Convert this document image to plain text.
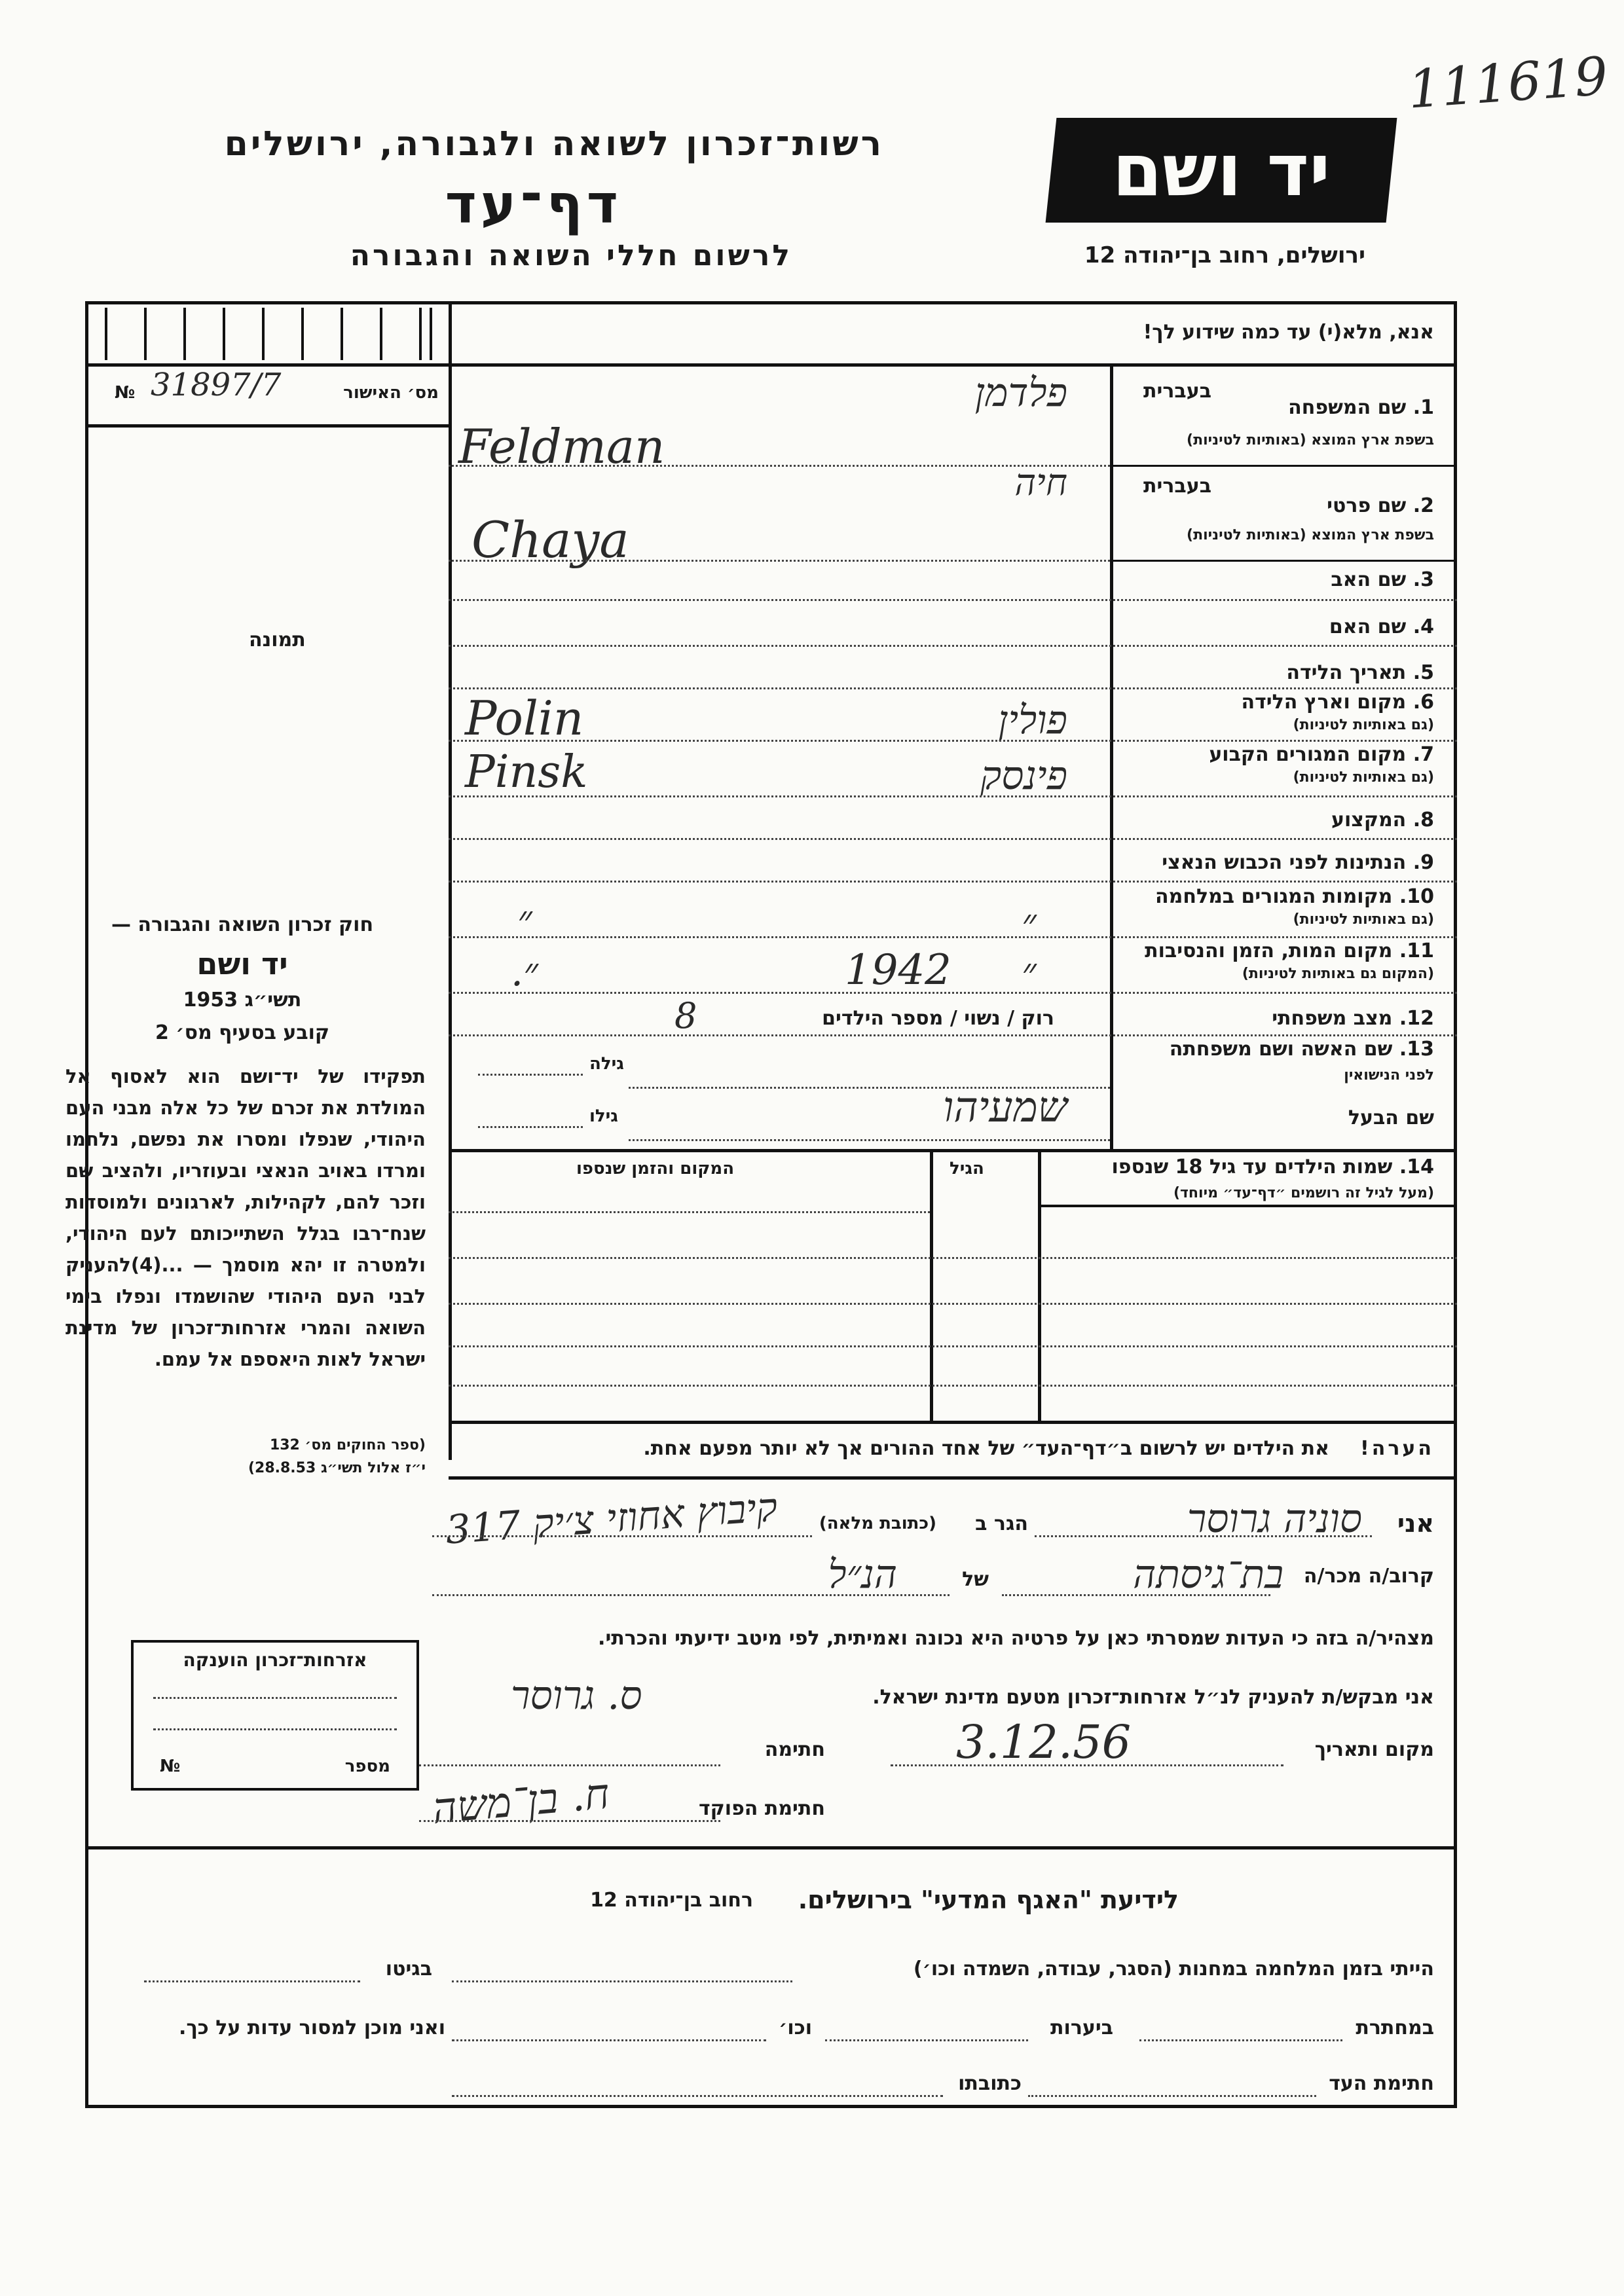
111619
רשות־זכרון לשואה ולגבורה, ירושלים
דף־עד
לרשום חללי השואה והגבורה
יד ושם
ירושלים, רחוב בן־יהודה 12
אנא, מלא(י) עד כמה שידוע לך!
מס׳ האישור
31897/7
№
תמונה
1. שם המשפחה
בשפת ארץ המוצא (באותיות לטיניות)
בעברית
פלדמן
Feldman
2. שם פרטי
בשפת ארץ המוצא (באותיות לטיניות)
בעברית
חיה
Chaya
3. שם האב
4. שם האם
5. תאריך הלידה
6. מקום וארץ הלידה
(גם באותיות לטיניות)
פולין
Polin
7. מקום המגורים הקבוע
(גם באותיות לטיניות)
פינסק
Pinsk
8. המקצוע
9. הנתינות לפני הכבוש הנאצי
10. מקומות המגורים במלחמה
(גם באותיות לטיניות)
״	״
11. מקום המות, הזמן והנסיבות
(המקום גם באותיות לטיניות)
״
1942
״.
12. מצב משפחתי
רוק / נשוי / מספר הילדים
8
13. שם האשה ושם משפחתה
לפני הנישואין
גילה
שם הבעל
שמעיהו
גילו
14. שמות הילדים עד גיל 18 שנספו
(מעל לגיל זה רושמים ״דף־עד״ מיוחד)
הגיל
המקום והזמן שנספו
הערה!
את הילדים יש לרשום ב״דף־העד״ של אחד ההורים אך לא יותר מפעם אחת.
חוק זכרון השואה והגבורה —
יד ושם
תשי״ג 1953
קובע בסעיף מס׳ 2
תפקידו של יד־ושם הוא לאסוף אל המולדת את זכרם של כל אלה מבני העם היהודי, שנפלו ומסרו את נפשם, נלחמו ומרדו באויב הנאצי ובעוזריו, ולהציב שם וזכר להם, לקהילות, לארגונים ולמוסדות שנח־רבו בגלל השתייכותם לעם היהודי, ולמטרה זו יהא מוסמך — ...(4)להעניק לבני העם היהודי שהושמדו ונפלו בימי השואה והמרי אזרחות־זכרון של מדינת ישראל לאות היאספם אל עמם.
(ספר החוקים מס׳ 132
י״ז אלול תשי״ג 28.8.53)
אני
סוניה גרוסר
הגר ב
(כתובת מלאה)
קיבוץ אחוזי צ׳יק 317
קרוב/ה מכר/ה
בת־גיסתה
של
הנ״ל
מצהיר/ה בזה כי העדות שמסרתי כאן על פרטיה היא נכונה ואמיתית, לפי מיטב ידיעתי והכרתי.
אני מבקש/ת להעניק לנ״ל אזרחות־זכרון מטעם מדינת ישראל.
ס. גרוסר
מקום ותאריך
3.12.56
חתימה
חתימת הפוקד
ח. בן־משה
אזרחות־זכרון הוענקה
מספר
№
לידיעת "האגף המדעי" בירושלים.
רחוב בן־יהודה 12
הייתי בזמן המלחמה במחנות (הסגר, עבודה, השמדה וכו׳)
בגיטו
במחתרת
ביערות
וכו׳
ואני מוכן למסור עדות על כך.
חתימת העד
כתובתו
